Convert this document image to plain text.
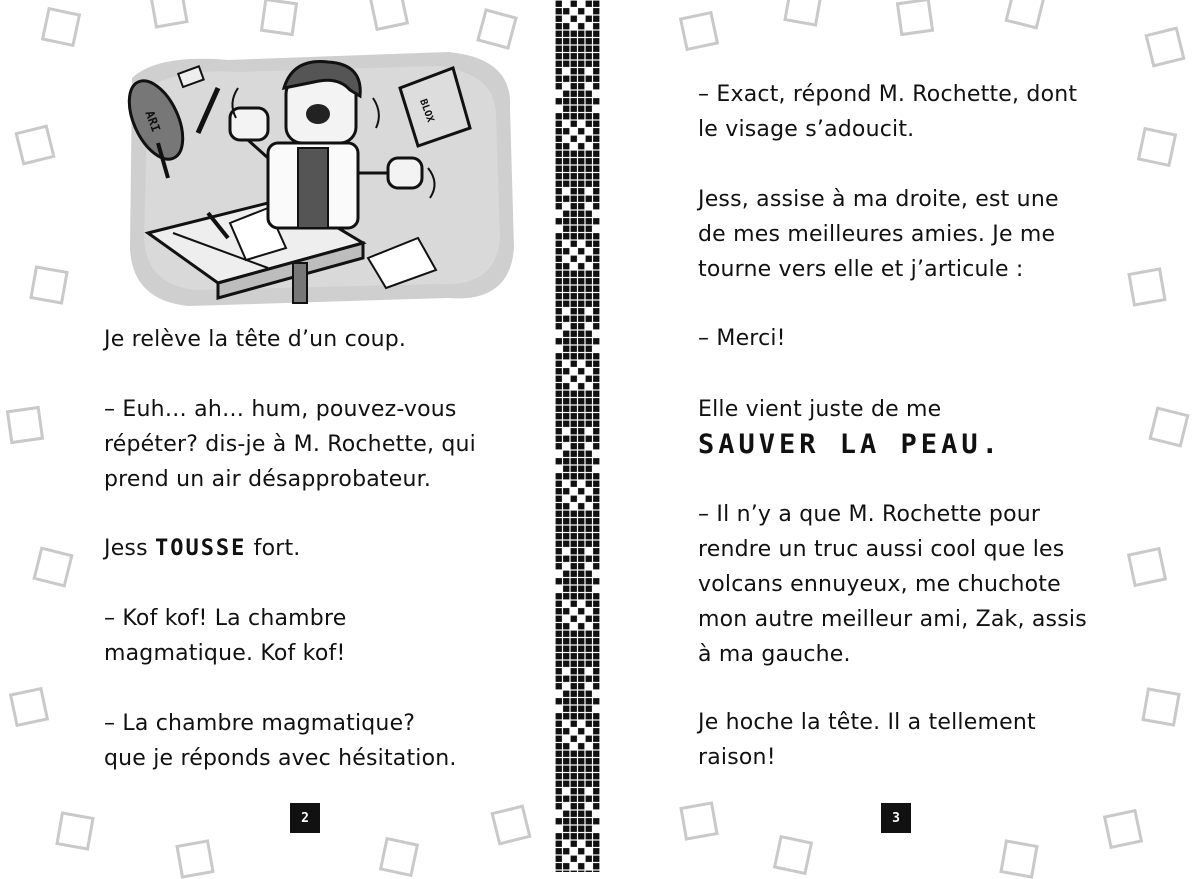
ARI	BLOX

Je relève la tête d’un coup.

– Euh… ah… hum, pouvez-vous
répéter? dis-je à M. Rochette, qui
prend un air désapprobateur.

Jess TOUSSE fort.

– Kof kof! La chambre
magmatique. Kof kof!

– La chambre magmatique?
que je réponds avec hésitation.

2

– Exact, répond M. Rochette, dont
le visage s’adoucit.

Jess, assise à ma droite, est une
de mes meilleures amies. Je me
tourne vers elle et j’articule :

– Merci!

Elle vient juste de me
SAUVER LA PEAU.

– Il n’y a que M. Rochette pour
rendre un truc aussi cool que les
volcans ennuyeux, me chuchote
mon autre meilleur ami, Zak, assis
à ma gauche.

Je hoche la tête. Il a tellement
raison!

3
